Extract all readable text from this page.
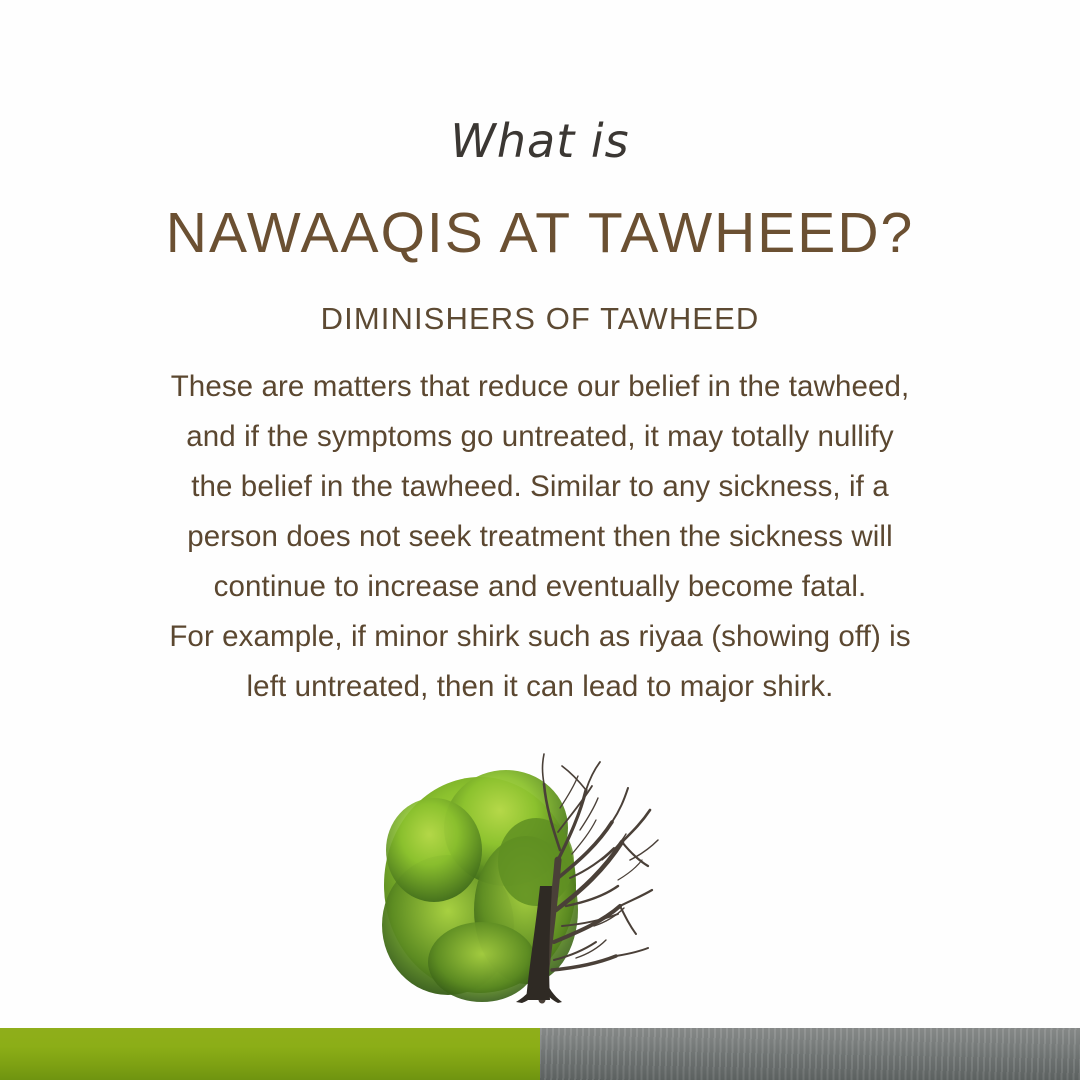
What is
NAWAAQIS AT TAWHEED?
DIMINISHERS OF TAWHEED
These are matters that reduce our belief in the tawheed,
and if the symptoms go untreated, it may totally nullify
the belief in the tawheed. Similar to any sickness, if a
person does not seek treatment then the sickness will
continue to increase and eventually become fatal.
For example, if minor shirk such as riyaa (showing off) is
left untreated, then it can lead to major shirk.
